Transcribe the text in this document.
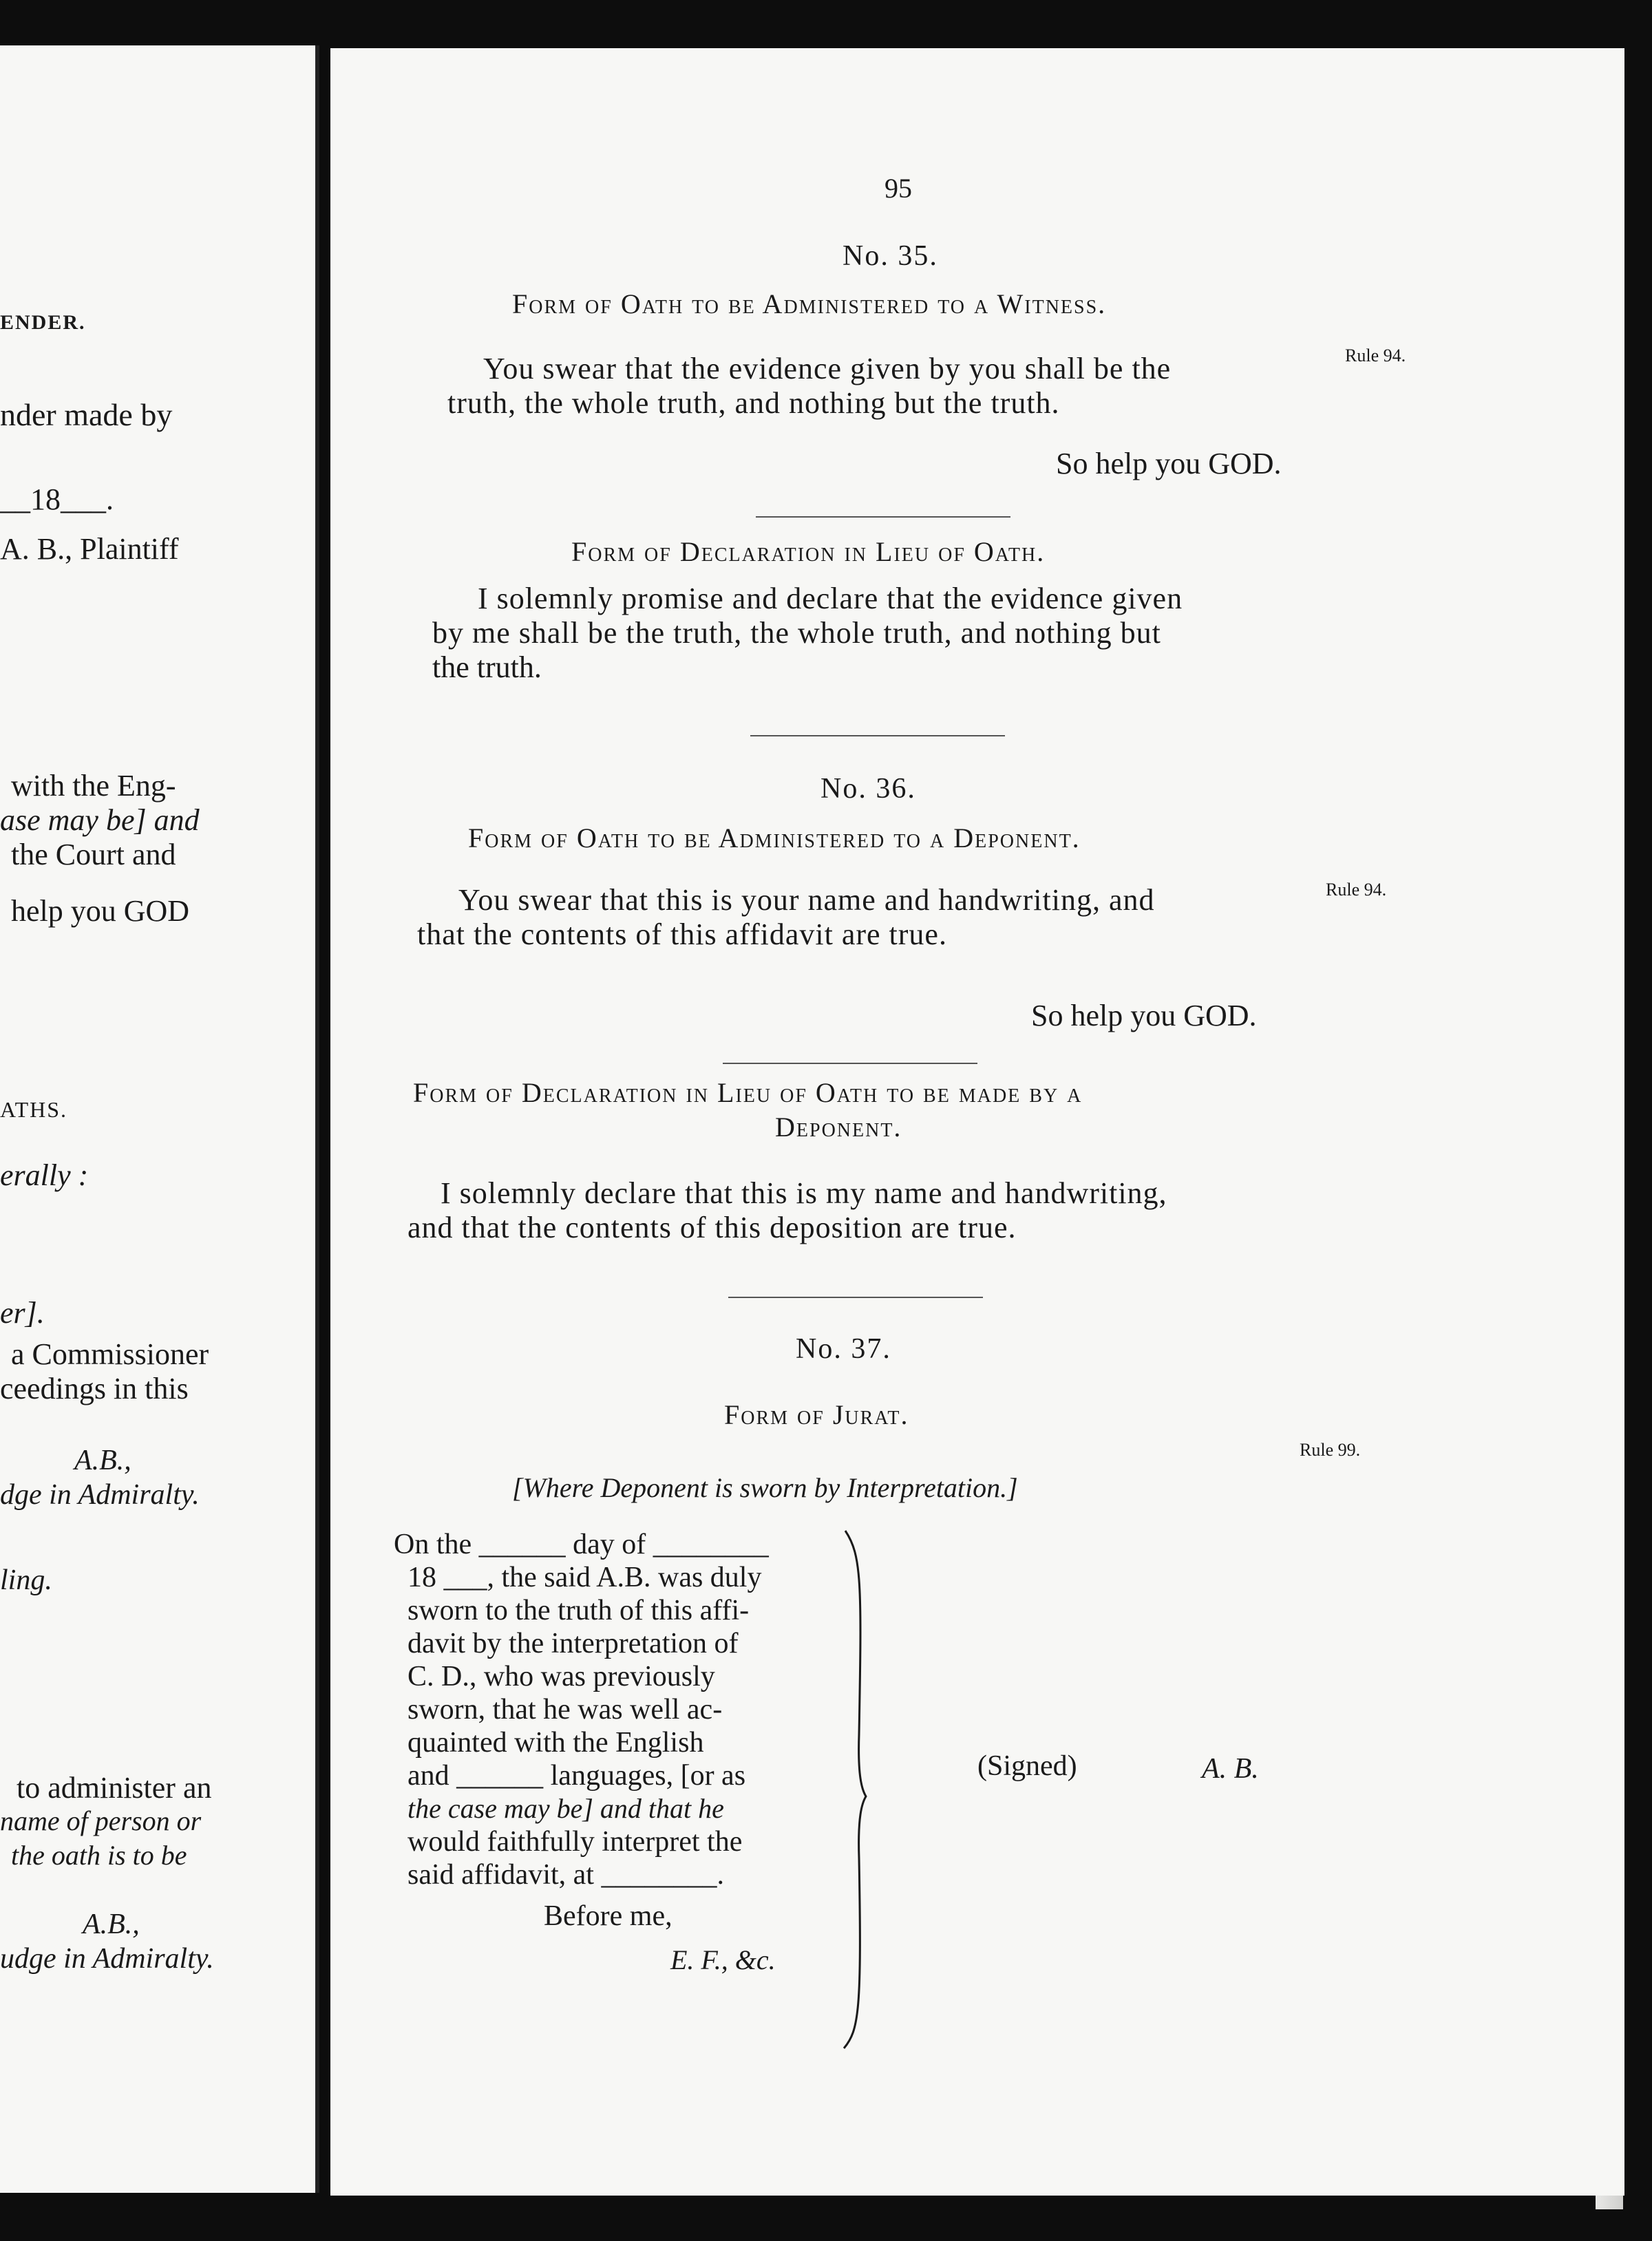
ENDER.
nder made by
__18___.
A. B., Plaintiff
with the Eng-
ase may be] and
the Court and
help you GOD
ATHS.
erally :
er].
a Commissioner
ceedings in this
A.B.,
dge in Admiralty.
ling.
to administer an
name of person or
the oath is to be
A.B.,
udge in Admiralty.
95
No. 35.
Form of Oath to be Administered to a Witness.
Rule 94.
You swear that the evidence given by you shall be the
truth, the whole truth, and nothing but the truth.
So help you GOD.
Form of Declaration in Lieu of Oath.
I solemnly promise and declare that the evidence given
by me shall be the truth, the whole truth, and nothing but
the truth.
No. 36.
Form of Oath to be Administered to a Deponent.
Rule 94.
You swear that this is your name and handwriting, and
that the contents of this affidavit are true.
So help you GOD.
Form of Declaration in Lieu of Oath to be made by a
Deponent.
I solemnly declare that this is my name and handwriting,
and that the contents of this deposition are true.
No. 37.
Form of Jurat.
Rule 99.
[Where Deponent is sworn by Interpretation.]
On the ______ day of ________
18 ___, the said A.B. was duly
sworn to the truth of this affi-
davit by the interpretation of
C. D., who was previously
sworn, that he was well ac-
quainted with the English
and ______ languages, [or as
the case may be] and that he
would faithfully interpret the
said affidavit, at ________.
Before me,
E. F., &c.
(Signed)	A. B.
